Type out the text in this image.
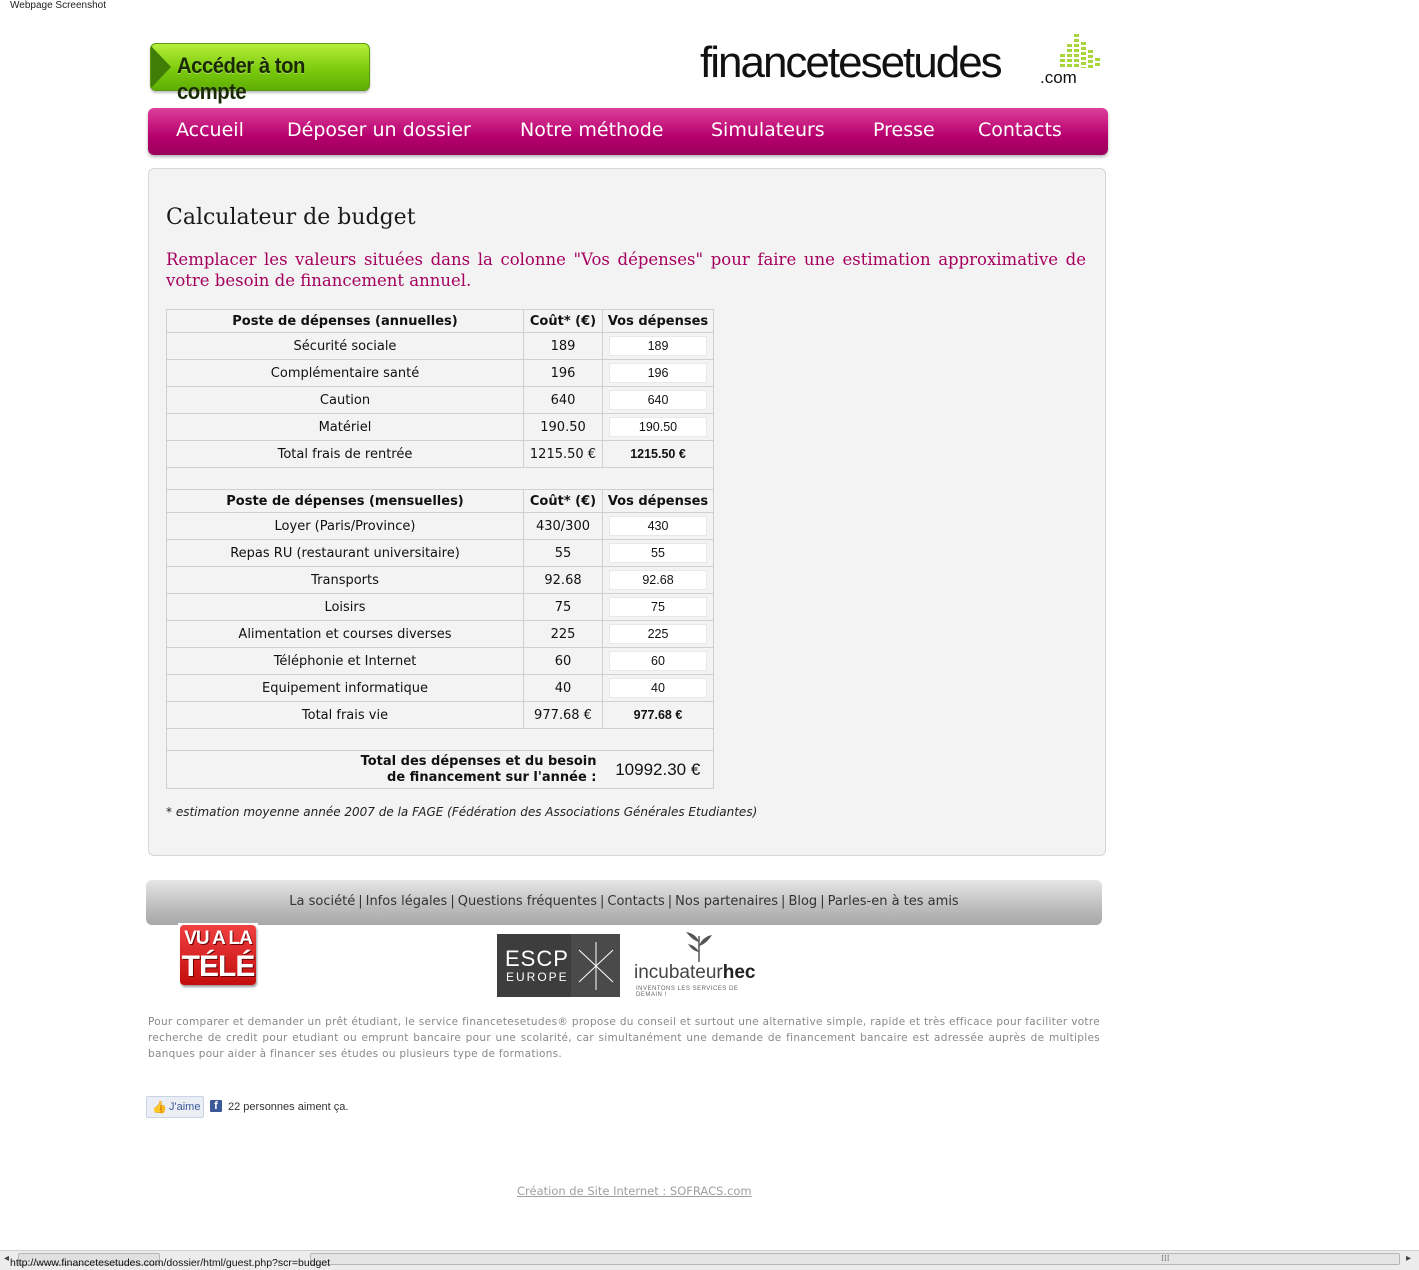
Webpage Screenshot
Accéder à ton compte
financetesetudes .com
Accueil Déposer un dossier	Notre méthode	Simulateurs	Presse Contacts
Calculateur de budget

Remplacer les valeurs situées dans la colonne "Vos dépenses" pour faire une estimation approximative de votre besoin de financement annuel.

Poste de dépenses (annuelles)	Coût* (€)	Vos dépenses
Sécurité sociale	189	189
Complémentaire santé	196	196
Caution	640	640
Matériel	190.50	190.50
Total frais de rentrée	1215.50 €	1215.50 €

Poste de dépenses (mensuelles)	Coût* (€)	Vos dépenses
Loyer (Paris/Province)	430/300	430
Repas RU (restaurant universitaire)	55	55
Transports	92.68	92.68
Loisirs	75	75
Alimentation et courses diverses	225	225
Téléphonie et Internet	60	60
Equipement informatique	40	40
Total frais vie	977.68 €	977.68 €

Total des dépenses et du besoin
de financement sur l'année :		10992.30 €
* estimation moyenne année 2007 de la FAGE (Fédération des Associations Générales Etudiantes)
La société | Infos légales | Questions fréquentes | Contacts | Nos partenaires | Blog | Parles-en à tes amis
VU A LA
TÉLÉ	ESCP
EUROPE	incubateurhec
INVENTONS LES SERVICES DE DEMAIN !

Pour comparer et demander un prêt étudiant, le service financetesetudes® propose du conseil et surtout une alternative simple, rapide et très efficace pour faciliter votre recherche de credit pour etudiant ou emprunt bancaire pour une scolarité, car simultanément une demande de financement bancaire est adressée auprès de multiples banques pour aider à financer ses études ou plusieurs type de formations.

👍 J'aime	f 22 personnes aiment ça.
Création de Site Internet : SOFRACS.com
◂	⁞⁞⁞
http://www.financetesetudes.com/dossier/html/guest.php?scr=budget	▸
